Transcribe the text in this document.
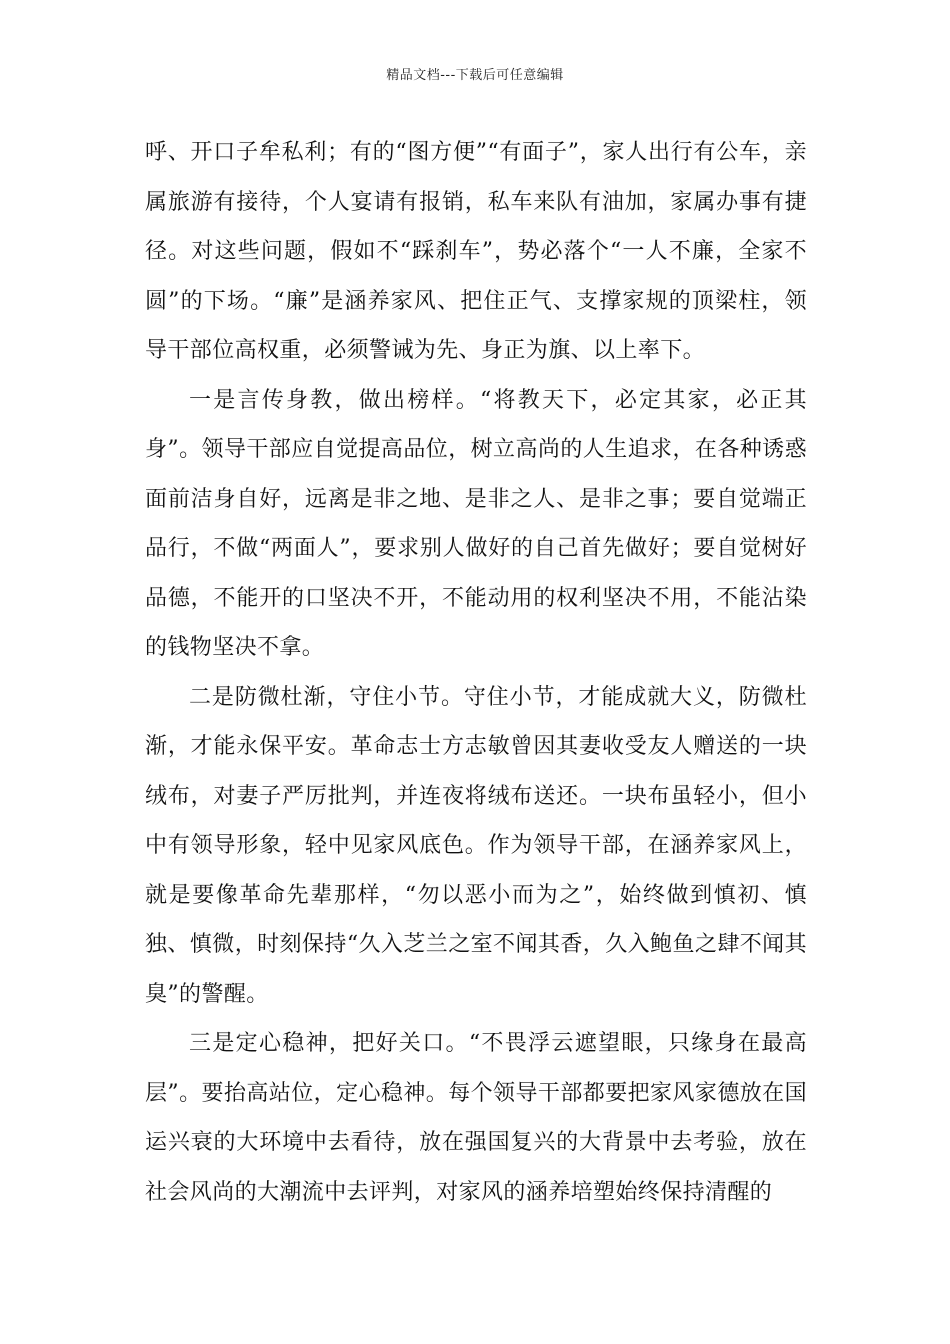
精品文档---下载后可任意编辑

呼、开口子牟私利；有的“图方便”“有面子”，家人出行有公车，亲属旅游有接待，个人宴请有报销，私车来队有油加，家属办事有捷径。对这些问题，假如不“踩刹车”，势必落个“一人不廉，全家不圆”的下场。“廉”是涵养家风、把住正气、支撑家规的顶梁柱，领导干部位高权重，必须警诫为先、身正为旗、以上率下。

一是言传身教，做出榜样。“将教天下，必定其家，必正其身”。领导干部应自觉提高品位，树立高尚的人生追求，在各种诱惑面前洁身自好，远离是非之地、是非之人、是非之事；要自觉端正品行，不做“两面人”，要求别人做好的自己首先做好；要自觉树好品德，不能开的口坚决不开，不能动用的权利坚决不用，不能沾染的钱物坚决不拿。

二是防微杜渐，守住小节。守住小节，才能成就大义，防微杜渐，才能永保平安。革命志士方志敏曾因其妻收受友人赠送的一块绒布，对妻子严厉批判，并连夜将绒布送还。一块布虽轻小，但小中有领导形象，轻中见家风底色。作为领导干部，在涵养家风上，就是要像革命先辈那样，“勿以恶小而为之”，始终做到慎初、慎独、慎微，时刻保持“久入芝兰之室不闻其香，久入鲍鱼之肆不闻其臭”的警醒。

三是定心稳神，把好关口。“不畏浮云遮望眼，只缘身在最高层”。要抬高站位，定心稳神。每个领导干部都要把家风家德放在国运兴衰的大环境中去看待，放在强国复兴的大背景中去考验，放在社会风尚的大潮流中去评判，对家风的涵养培塑始终保持清醒的
